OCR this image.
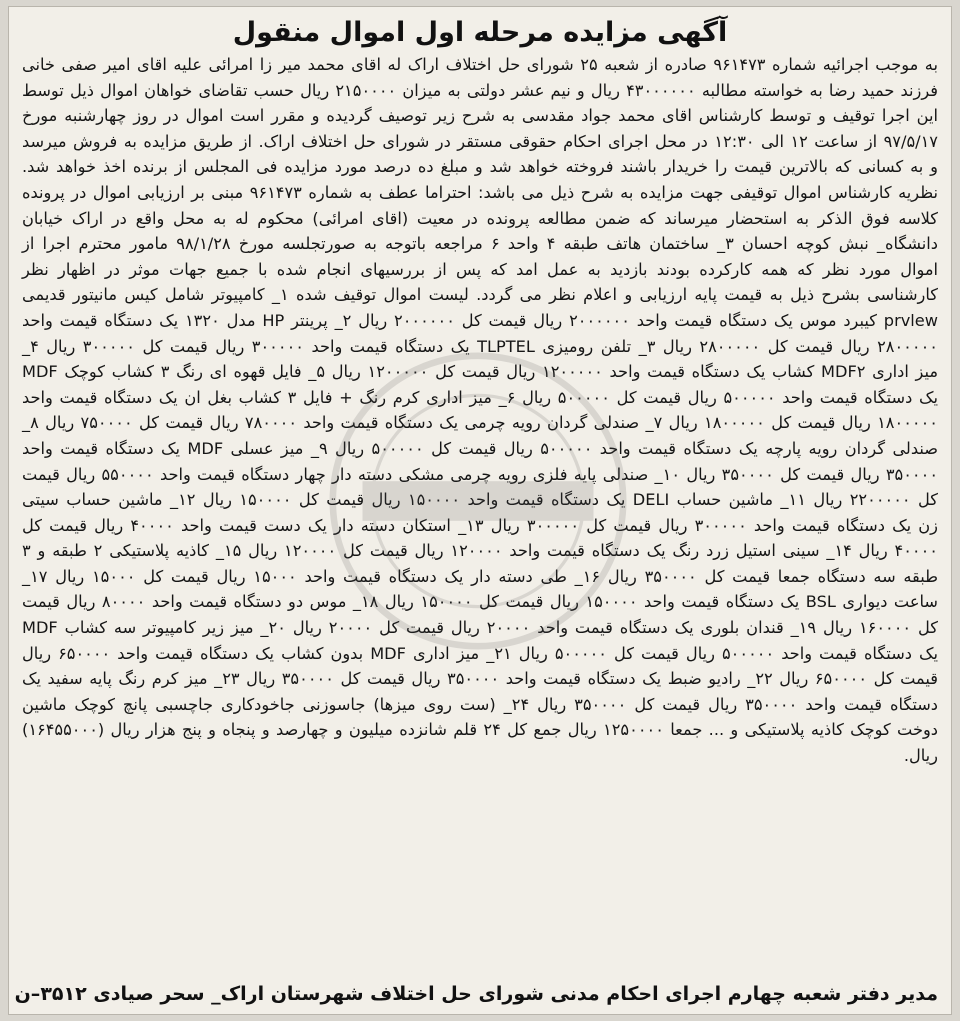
آگهی مزایده مرحله اول اموال منقول

به موجب اجرائیه شماره ۹۶۱۴۷۳ صادره از شعبه ۲۵ شورای حل اختلاف اراک له اقای محمد میر زا امرائی علیه اقای امیر صفی خانی فرزند حمید رضا به خواسته مطالبه ۴۳۰۰۰۰۰۰ ریال و نیم عشر دولتی به میزان ۲۱۵۰۰۰۰ ریال حسب تقاضای خواهان اموال ذیل توسط این اجرا توقیف و توسط کارشناس اقای محمد جواد مقدسی به شرح زیر توصیف گردیده و مقرر است اموال در روز چهارشنبه مورخ ۹۷/۵/۱۷ از ساعت ۱۲ الی ۱۲:۳۰ در محل اجرای احکام حقوقی مستقر در شورای حل اختلاف اراک. از طریق مزایده به فروش میرسد و به کسانی که بالاترین قیمت را خریدار باشند فروخته خواهد شد و مبلغ ده درصد مورد مزایده فی المجلس از برنده اخذ خواهد شد. نظریه کارشناس اموال توقیفی جهت مزایده به شرح ذیل می باشد: احتراما عطف به شماره ۹۶۱۴۷۳ مبنی بر ارزیابی اموال در پرونده کلاسه فوق الذکر به استحضار میرساند که ضمن مطالعه پرونده در معیت (اقای امرائی) محکوم له به محل واقع در اراک خیابان دانشگاه_ نبش کوچه احسان ۳_ ساختمان هاتف طبقه ۴ واحد ۶ مراجعه باتوجه به صورتجلسه مورخ ۹۸/۱/۲۸ مامور محترم اجرا از اموال مورد نظر که همه کارکرده بودند بازدید به عمل امد که پس از بررسیهای انجام شده با جمیع جهات موثر در اظهار نظر کارشناسی بشرح ذیل به قیمت پایه ارزیابی و اعلام نظر می گردد. لیست اموال توقیف شده ۱_ کامپیوتر شامل کیس مانیتور قدیمی prvlew کیبرد موس یک دستگاه قیمت واحد ۲۰۰۰۰۰۰ ریال قیمت کل ۲۰۰۰۰۰۰ ریال ۲_ پرینتر HP مدل ۱۳۲۰ یک دستگاه قیمت واحد ۲۸۰۰۰۰۰ ریال قیمت کل ۲۸۰۰۰۰۰ ریال ۳_ تلفن رومیزی TLPTEL یک دستگاه قیمت واحد ۳۰۰۰۰۰ ریال قیمت کل ۳۰۰۰۰۰ ریال ۴_ میز اداری MDF۲ کشاب یک دستگاه قیمت واحد ۱۲۰۰۰۰۰ ریال قیمت کل ۱۲۰۰۰۰۰ ریال ۵_ فایل قهوه ای رنگ ۳ کشاب کوچک MDF یک دستگاه قیمت واحد ۵۰۰۰۰۰ ریال قیمت کل ۵۰۰۰۰۰ ریال ۶_ میز اداری کرم رنگ + فایل ۳ کشاب بغل ان یک دستگاه قیمت واحد ۱۸۰۰۰۰۰ ریال قیمت کل ۱۸۰۰۰۰۰ ریال ۷_ صندلی گردان رویه چرمی یک دستگاه قیمت واحد ۷۸۰۰۰۰ ریال قیمت کل ۷۵۰۰۰۰ ریال ۸_ صندلی گردان رویه پارچه یک دستگاه قیمت واحد ۵۰۰۰۰۰ ریال قیمت کل ۵۰۰۰۰۰ ریال ۹_ میز عسلی MDF یک دستگاه قیمت واحد ۳۵۰۰۰۰ ریال قیمت کل ۳۵۰۰۰۰ ریال ۱۰_ صندلی پایه فلزی رویه چرمی مشکی دسته دار چهار دستگاه قیمت واحد ۵۵۰۰۰۰ ریال قیمت کل ۲۲۰۰۰۰۰ ریال ۱۱_ ماشین حساب DELI یک دستگاه قیمت واحد ۱۵۰۰۰۰ ریال قیمت کل ۱۵۰۰۰۰ ریال ۱۲_ ماشین حساب سیتی زن یک دستگاه قیمت واحد ۳۰۰۰۰۰ ریال قیمت کل ۳۰۰۰۰۰ ریال ۱۳_ استکان دسته دار یک دست قیمت واحد ۴۰۰۰۰ ریال قیمت کل ۴۰۰۰۰ ریال ۱۴_ سینی استیل زرد رنگ یک دستگاه قیمت واحد ۱۲۰۰۰۰ ریال قیمت کل ۱۲۰۰۰۰ ریال ۱۵_ کاذیه پلاستیکی ۲ طبقه و ۳ طبقه سه دستگاه جمعا قیمت کل ۳۵۰۰۰۰ ریال ۱۶_ طی دسته دار یک دستگاه قیمت واحد ۱۵۰۰۰ ریال قیمت کل ۱۵۰۰۰ ریال ۱۷_ ساعت دیواری BSL یک دستگاه قیمت واحد ۱۵۰۰۰۰ ریال قیمت کل ۱۵۰۰۰۰ ریال ۱۸_ موس دو دستگاه قیمت واحد ۸۰۰۰۰ ریال قیمت کل ۱۶۰۰۰۰ ریال ۱۹_ قندان بلوری یک دستگاه قیمت واحد ۲۰۰۰۰ ریال قیمت کل ۲۰۰۰۰ ریال ۲۰_ میز زیر کامپیوتر سه کشاب MDF یک دستگاه قیمت واحد ۵۰۰۰۰۰ ریال قیمت کل ۵۰۰۰۰۰ ریال ۲۱_ میز اداری MDF بدون کشاب یک دستگاه قیمت واحد ۶۵۰۰۰۰ ریال قیمت کل ۶۵۰۰۰۰ ریال ۲۲_ رادیو ضبط یک دستگاه قیمت واحد ۳۵۰۰۰۰ ریال قیمت کل ۳۵۰۰۰۰ ریال ۲۳_ میز کرم رنگ پایه سفید یک دستگاه قیمت واحد ۳۵۰۰۰۰ ریال قیمت کل ۳۵۰۰۰۰ ریال ۲۴_ (ست روی میزها) جاسوزنی جاخودکاری جاچسبی پانچ کوچک ماشین دوخت کوچک کاذیه پلاستیکی و ... جمعا ۱۲۵۰۰۰۰ ریال جمع کل ۲۴ قلم شانزده میلیون و چهارصد و پنجاه و پنج هزار ریال (۱۶۴۵۵۰۰۰) ریال.

مدیر دفتر شعبه چهارم اجرای احکام مدنی شورای حل اختلاف شهرستان اراک_ سحر صیادی ۳۵۱۲–ن
